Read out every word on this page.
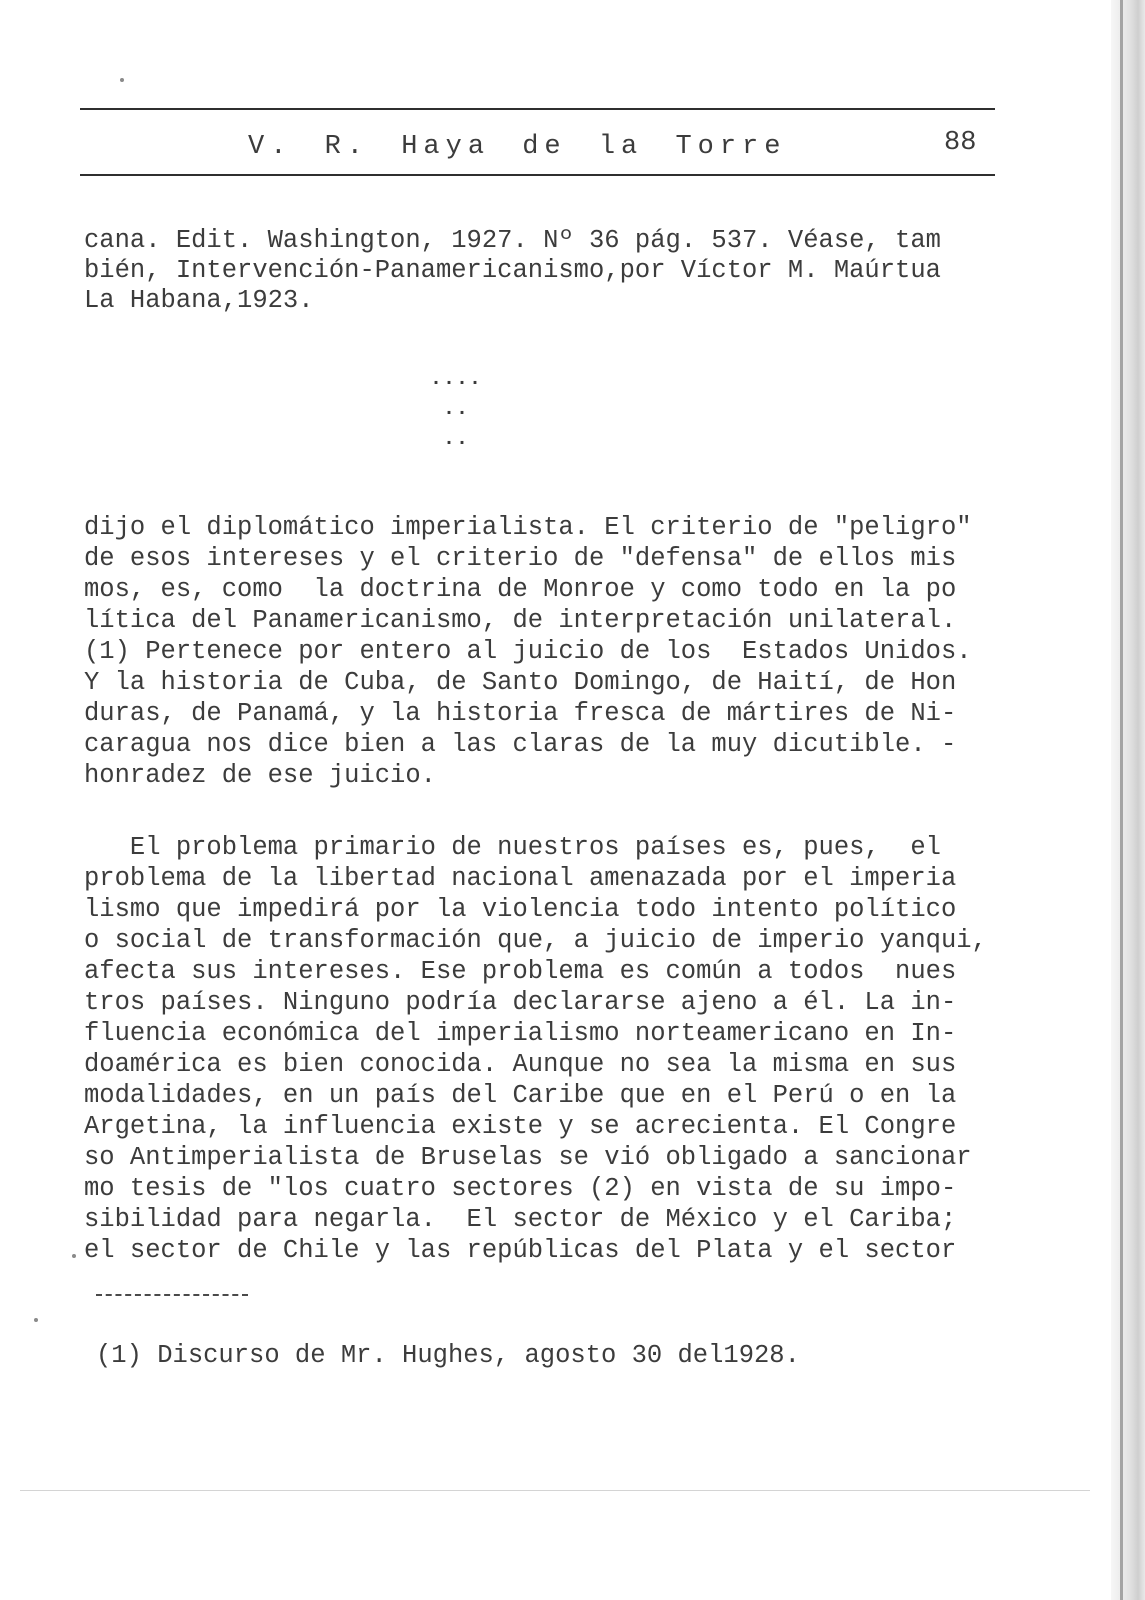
V. R. Haya de la Torre	88
cana. Edit. Washington, 1927. Nº 36 pág. 537. Véase, tam
bién, Intervención-Panamericanismo,por Víctor M. Maúrtua
La Habana,1923.
....
..
..
dijo el diplomático imperialista. El criterio de "peligro"
de esos intereses y el criterio de "defensa" de ellos mis
mos, es, como  la doctrina de Monroe y como todo en la po
lítica del Panamericanismo, de interpretación unilateral.
(1) Pertenece por entero al juicio de los  Estados Unidos.
Y la historia de Cuba, de Santo Domingo, de Haití, de Hon
duras, de Panamá, y la historia fresca de mártires de Ni-
caragua nos dice bien a las claras de la muy dicutible. -
honradez de ese juicio.
El problema primario de nuestros países es, pues,  el
problema de la libertad nacional amenazada por el imperia
lismo que impedirá por la violencia todo intento político
o social de transformación que, a juicio de imperio yanqui,
afecta sus intereses. Ese problema es común a todos  nues
tros países. Ninguno podría declararse ajeno a él. La in-
fluencia económica del imperialismo norteamericano en In-
doamérica es bien conocida. Aunque no sea la misma en sus
modalidades, en un país del Caribe que en el Perú o en la
Argetina, la influencia existe y se acrecienta. El Congre
so Antimperialista de Bruselas se vió obligado a sancionar
mo tesis de "los cuatro sectores (2) en vista de su impo-
sibilidad para negarla.  El sector de México y el Cariba;
el sector de Chile y las repúblicas del Plata y el sector
(1) Discurso de Mr. Hughes, agosto 30 del1928.
